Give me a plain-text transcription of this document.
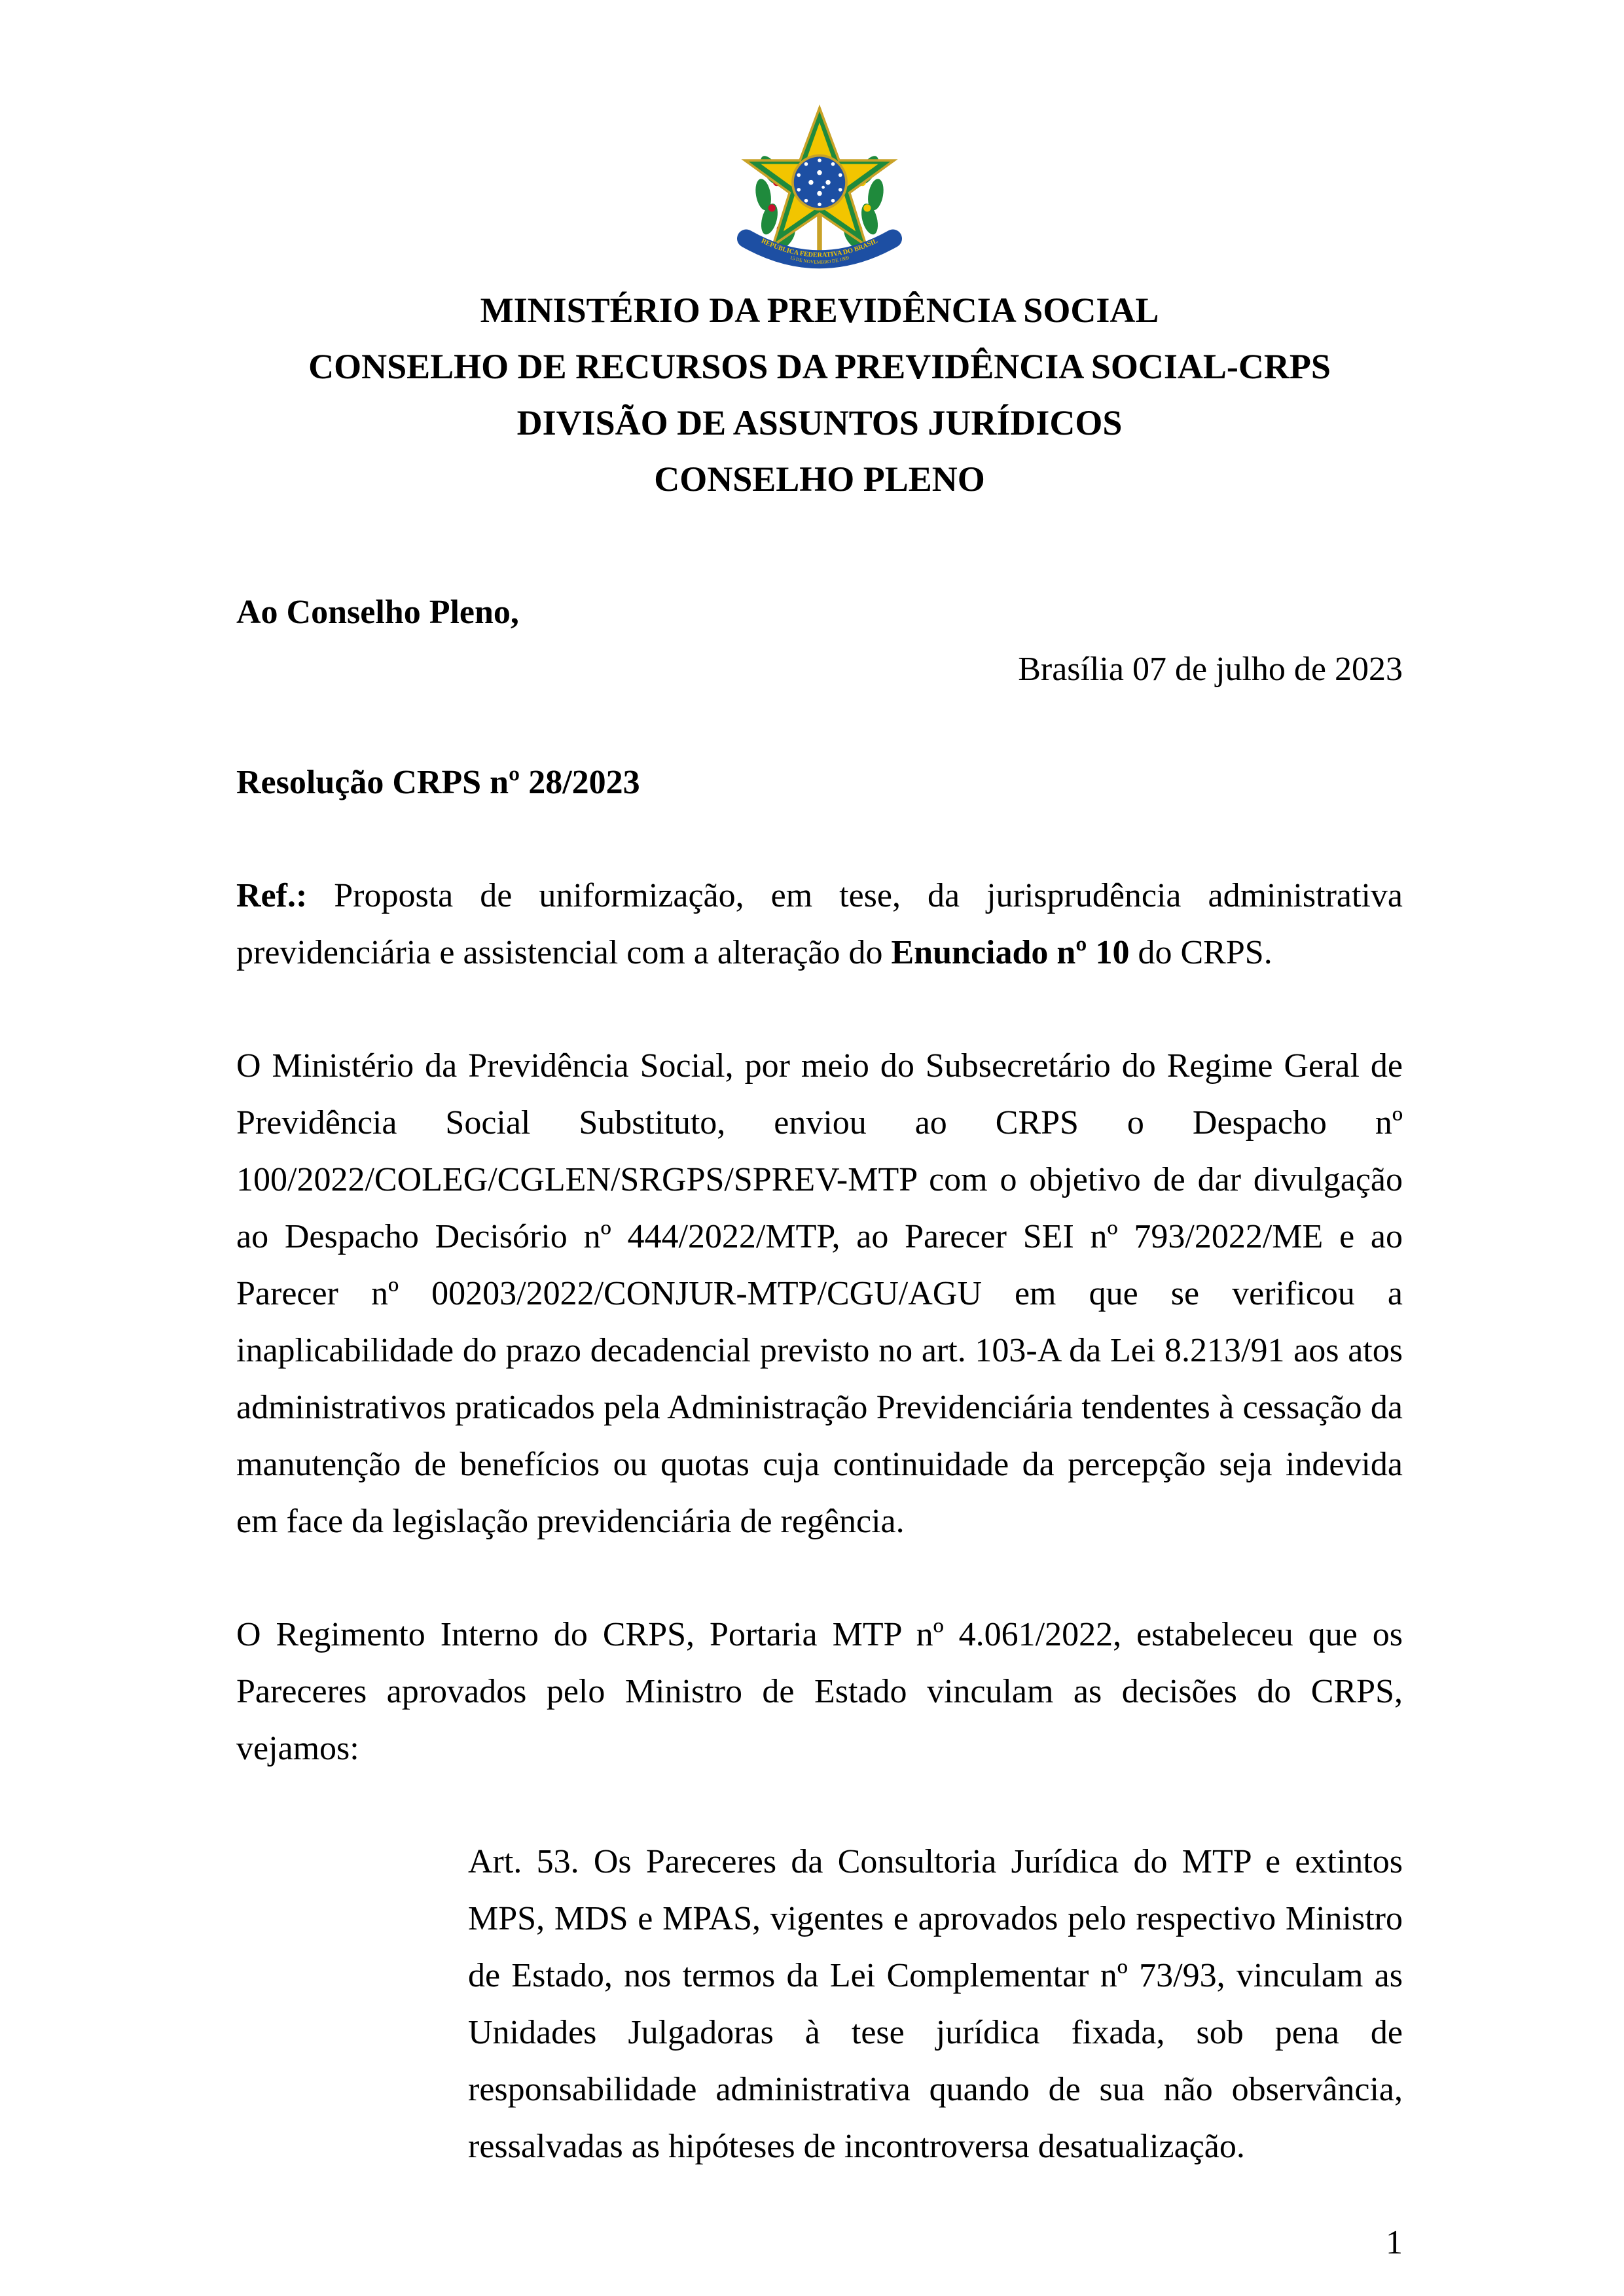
REPÚBLICA FEDERATIVA DO BRASIL
15 DE NOVEMBRO DE 1889
MINISTÉRIO DA PREVIDÊNCIA SOCIAL
CONSELHO DE RECURSOS DA PREVIDÊNCIA SOCIAL-CRPS
DIVISÃO DE ASSUNTOS JURÍDICOS
CONSELHO PLENO
Ao Conselho Pleno,
Brasília 07 de julho de 2023
Resolução CRPS nº 28/2023

Ref.: Proposta de uniformização, em tese, da jurisprudência administrativa previdenciária e assistencial com a alteração do Enunciado nº 10 do CRPS.

O Ministério da Previdência Social, por meio do Subsecretário do Regime Geral de Previdência Social Substituto, enviou ao CRPS o Despacho nº 100/2022/COLEG/CGLEN/SRGPS/SPREV-MTP com o objetivo de dar divulgação ao Despacho Decisório nº 444/2022/MTP, ao Parecer SEI nº 793/2022/ME e ao Parecer nº 00203/2022/CONJUR-MTP/CGU/AGU em que se verificou a inaplicabilidade do prazo decadencial previsto no art. 103-A da Lei 8.213/91 aos atos administrativos praticados pela Administração Previdenciária tendentes à cessação da manutenção de benefícios ou quotas cuja continuidade da percepção seja indevida em face da legislação previdenciária de regência.

O Regimento Interno do CRPS, Portaria MTP nº 4.061/2022, estabeleceu que os Pareceres aprovados pelo Ministro de Estado vinculam as decisões do CRPS, vejamos:

Art. 53. Os Pareceres da Consultoria Jurídica do MTP e extintos MPS, MDS e MPAS, vigentes e aprovados pelo respectivo Ministro de Estado, nos termos da Lei Complementar nº 73/93, vinculam as Unidades Julgadoras à tese jurídica fixada, sob pena de responsabilidade administrativa quando de sua não observância, ressalvadas as hipóteses de incontroversa desatualização.

1
